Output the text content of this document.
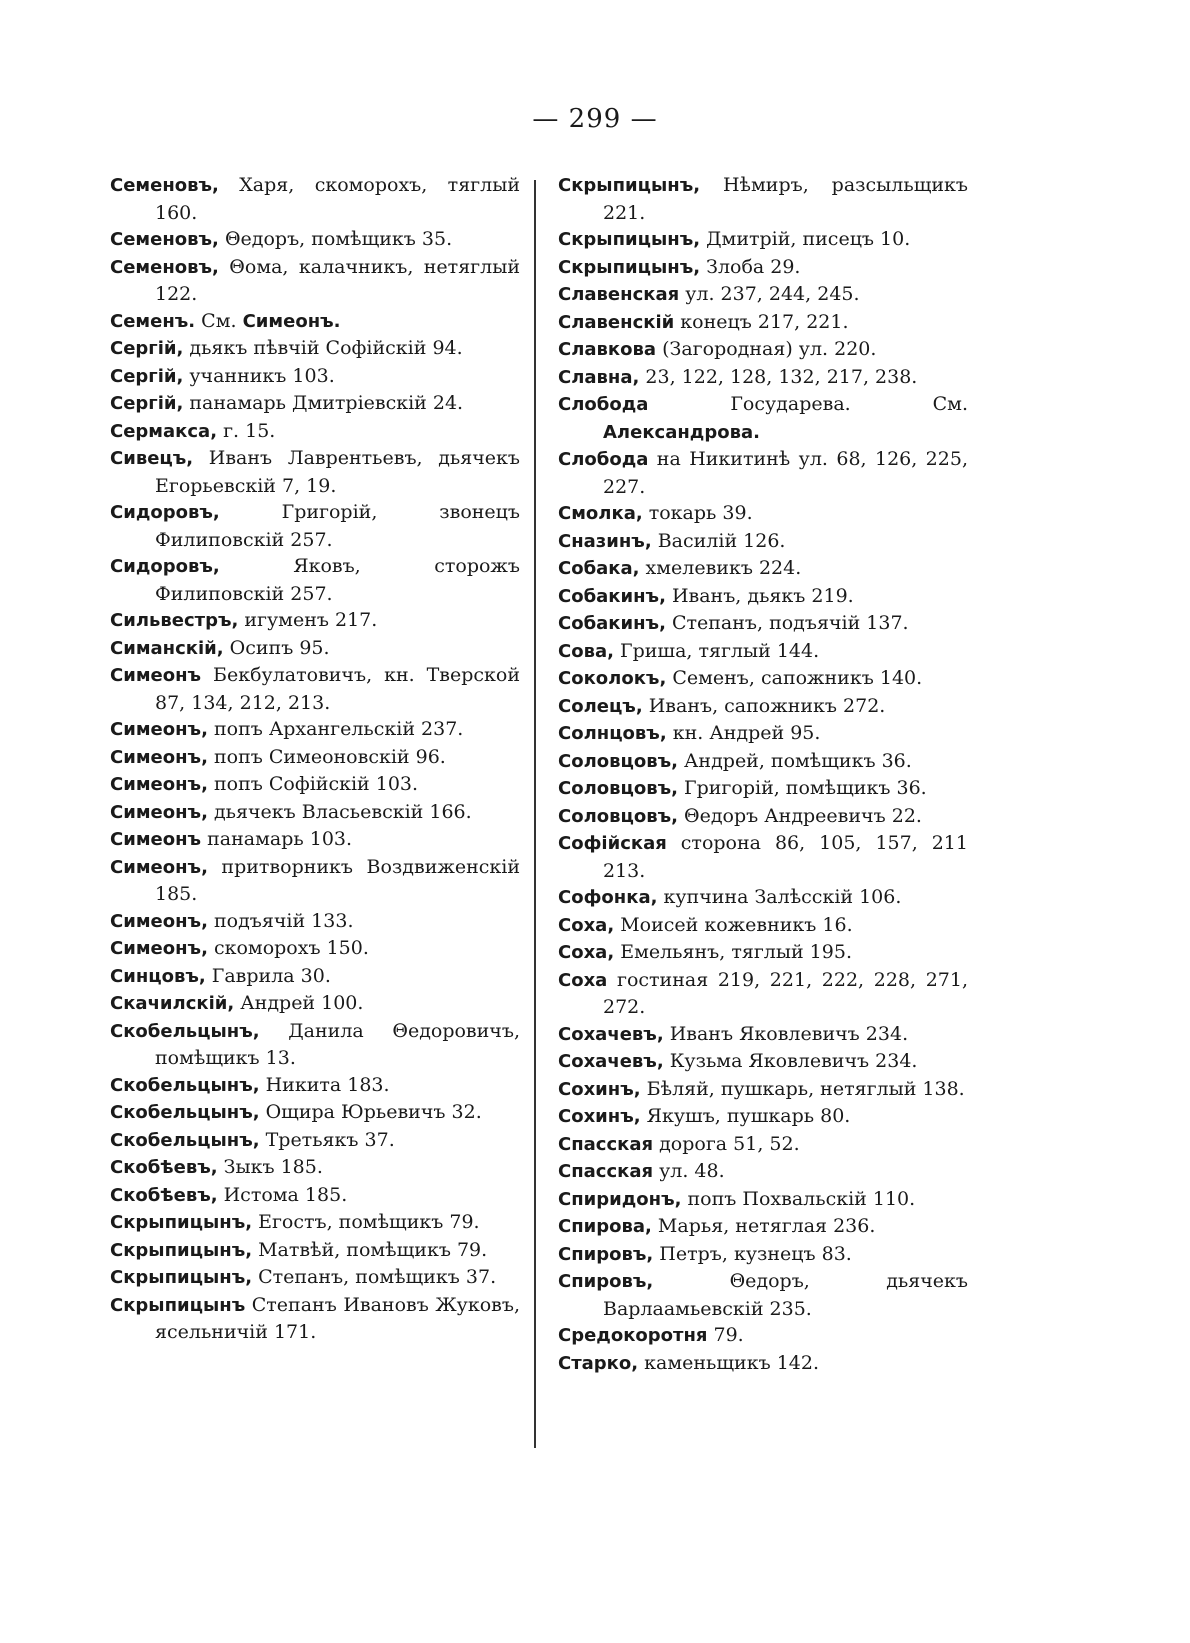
— 299 —
Семеновъ, Харя, скоморохъ, тяглый 160.
Семеновъ, Θедоръ, помѣщикъ 35.
Семеновъ, Θома, калачникъ, нетяглый 122.
Семенъ. См. Симеонъ.
Сергій, дьякъ пѣвчій Софійскій 94.
Сергій, учанникъ 103.
Сергій, панамарь Дмитріевскій 24.
Сермакса, г. 15.
Сивецъ, Иванъ Лаврентьевъ, дьячекъ Егорьевскій 7, 19.
Сидоровъ, Григорій, звонецъ Филиповскій 257.
Сидоровъ, Яковъ, сторожъ Филиповскій 257.
Сильвестръ, игуменъ 217.
Симанскій, Осипъ 95.
Симеонъ Бекбулатовичъ, кн. Тверской 87, 134, 212, 213.
Симеонъ, попъ Архангельскій 237.
Симеонъ, попъ Симеоновскій 96.
Симеонъ, попъ Софійскій 103.
Симеонъ, дьячекъ Власьевскій 166.
Симеонъ панамарь 103.
Симеонъ, притворникъ Воздвиженскій 185.
Симеонъ, подъячій 133.
Симеонъ, скоморохъ 150.
Синцовъ, Гаврила 30.
Скачилскій, Андрей 100.
Скобельцынъ, Данила Θедоровичъ, помѣщикъ 13.
Скобельцынъ, Никита 183.
Скобельцынъ, Ощира Юрьевичъ 32.
Скобельцынъ, Третьякъ 37.
Скобѣевъ, Зыкъ 185.
Скобѣевъ, Истома 185.
Скрыпицынъ, Егостъ, помѣщикъ 79.
Скрыпицынъ, Матвѣй, помѣщикъ 79.
Скрыпицынъ, Степанъ, помѣщикъ 37.
Скрыпицынъ Степанъ Ивановъ Жуковъ, ясельничій 171.
Скрыпицынъ, Нѣмиръ, разсыльщикъ 221.
Скрыпицынъ, Дмитрій, писецъ 10.
Скрыпицынъ, Злоба 29.
Славенская ул. 237, 244, 245.
Славенскій конецъ 217, 221.
Славкова (Загородная) ул. 220.
Славна, 23, 122, 128, 132, 217, 238.
Слобода Государева. См. Александрова.
Слобода на Никитинѣ ул. 68, 126, 225, 227.
Смолка, токарь 39.
Сназинъ, Василій 126.
Собака, хмелевикъ 224.
Собакинъ, Иванъ, дьякъ 219.
Собакинъ, Степанъ, подъячій 137.
Сова, Гриша, тяглый 144.
Соколокъ, Семенъ, сапожникъ 140.
Солецъ, Иванъ, сапожникъ 272.
Солнцовъ, кн. Андрей 95.
Соловцовъ, Андрей, помѣщикъ 36.
Соловцовъ, Григорій, помѣщикъ 36.
Соловцовъ, Θедоръ Андреевичъ 22.
Софійская сторона 86, 105, 157, 211 213.
Софонка, купчина Залѣсскій 106.
Соха, Моисей кожевникъ 16.
Соха, Емельянъ, тяглый 195.
Соха гостиная 219, 221, 222, 228, 271, 272.
Сохачевъ, Иванъ Яковлевичъ 234.
Сохачевъ, Кузьма Яковлевичъ 234.
Сохинъ, Бѣляй, пушкарь, нетяглый 138.
Сохинъ, Якушъ, пушкарь 80.
Спасская дорога 51, 52.
Спасская ул. 48.
Спиридонъ, попъ Похвальскій 110.
Спирова, Марья, нетяглая 236.
Спировъ, Петръ, кузнецъ 83.
Спировъ, Θедоръ, дьячекъ Варлаамьевскій 235.
Средокоротня 79.
Старко, каменьщикъ 142.
